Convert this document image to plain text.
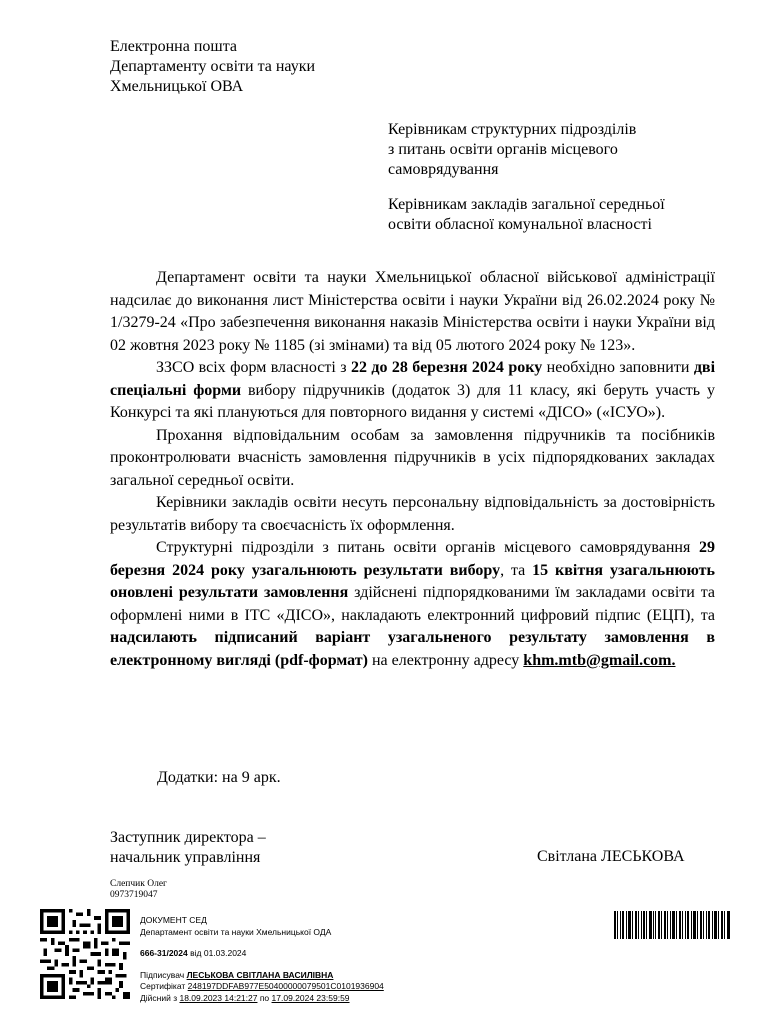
Електронна пошта
Департаменту освіти та науки
Хмельницької ОВА
Керівникам структурних підрозділів
з питань освіти органів місцевого
самоврядування
Керівникам закладів загальної середньої
освіти обласної комунальної власності

Департамент освіти та науки Хмельницької обласної військової адміністрації надсилає до виконання лист Міністерства освіти і науки України від 26.02.2024 року № 1/3279-24 «Про забезпечення виконання наказів Міністерства освіти і науки України від 02 жовтня 2023 року № 1185 (зі змінами) та від 05 лютого 2024 року № 123».

ЗЗСО всіх форм власності з 22 до 28 березня 2024 року необхідно заповнити дві спеціальні форми вибору підручників (додаток 3) для 11 класу, які беруть участь у Конкурсі та які плануються для повторного видання у системі «ДІСО» («ІСУО»).

Прохання відповідальним особам за замовлення підручників та посібників проконтролювати вчасність замовлення підручників в усіх підпорядкованих закладах загальної середньої освіти.

Керівники закладів освіти несуть персональну відповідальність за достовірність результатів вибору та своєчасність їх оформлення.

Структурні підрозділи з питань освіти органів місцевого самоврядування 29 березня 2024 року узагальнюють результати вибору, та 15 квітня узагальнюють оновлені результати замовлення здійснені підпорядкованими їм закладами освіти та оформлені ними в ІТС «ДІСО», накладають електронний цифровий підпис (ЕЦП), та надсилають підписаний варіант узагальненого результату замовлення в електронному вигляді (pdf-формат) на електронну адресу khm.mtb@gmail.com.

Додатки: на 9 арк.
Заступник директора –
начальник управління	Світлана ЛЕСЬКОВА
Слепчик Олег
0973719047
ДОКУМЕНТ СЕД
Департамент освіти та науки Хмельницької ОДА
666-31/2024 від 01.03.2024
Підписувач ЛЕСЬКОВА СВІТЛАНА ВАСИЛІВНА
Сертифікат 248197DDFAB977E50400000079501C0101936904
Дійсний з 18.09.2023 14:21:27 по 17.09.2024 23:59:59
